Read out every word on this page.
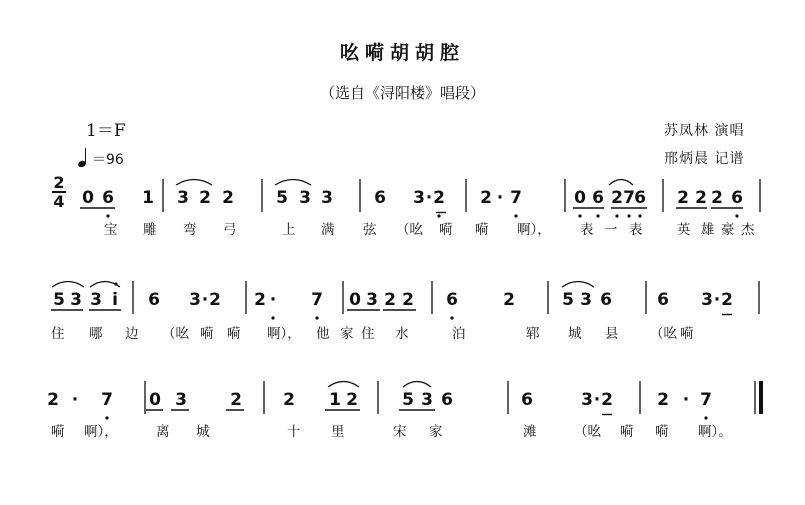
吆嗬胡胡腔
（选自《浔阳楼》唱段）
1＝F
＝96
苏凤林 演唱
邢炳晨 记谱
2
4 0 6 1 3 2 2 5 3 3 6 3 · 2 2 · 7	0 6 2 7 6 2 2 2 6
5 3 3 i 6 3 · 2 2 · 7 0 3 2 2 6	2	5 3 6	6 3 · 2
2 · 7 0 3	2 2 1 2	5 3 6	6	3 · 2	2 · 7
宝 雕 弯 弓	上 满 弦 （吆 嗬 嗬 啊）， 表 一 表	英 雄 豪 杰
住 哪 边 （吆 嗬 嗬 啊）， 他 家 住 水	泊	郓 城 县 （吆 嗬
嗬 啊），	离 城	十 里	宋 家	滩	（吆 嗬 嗬 啊）。
